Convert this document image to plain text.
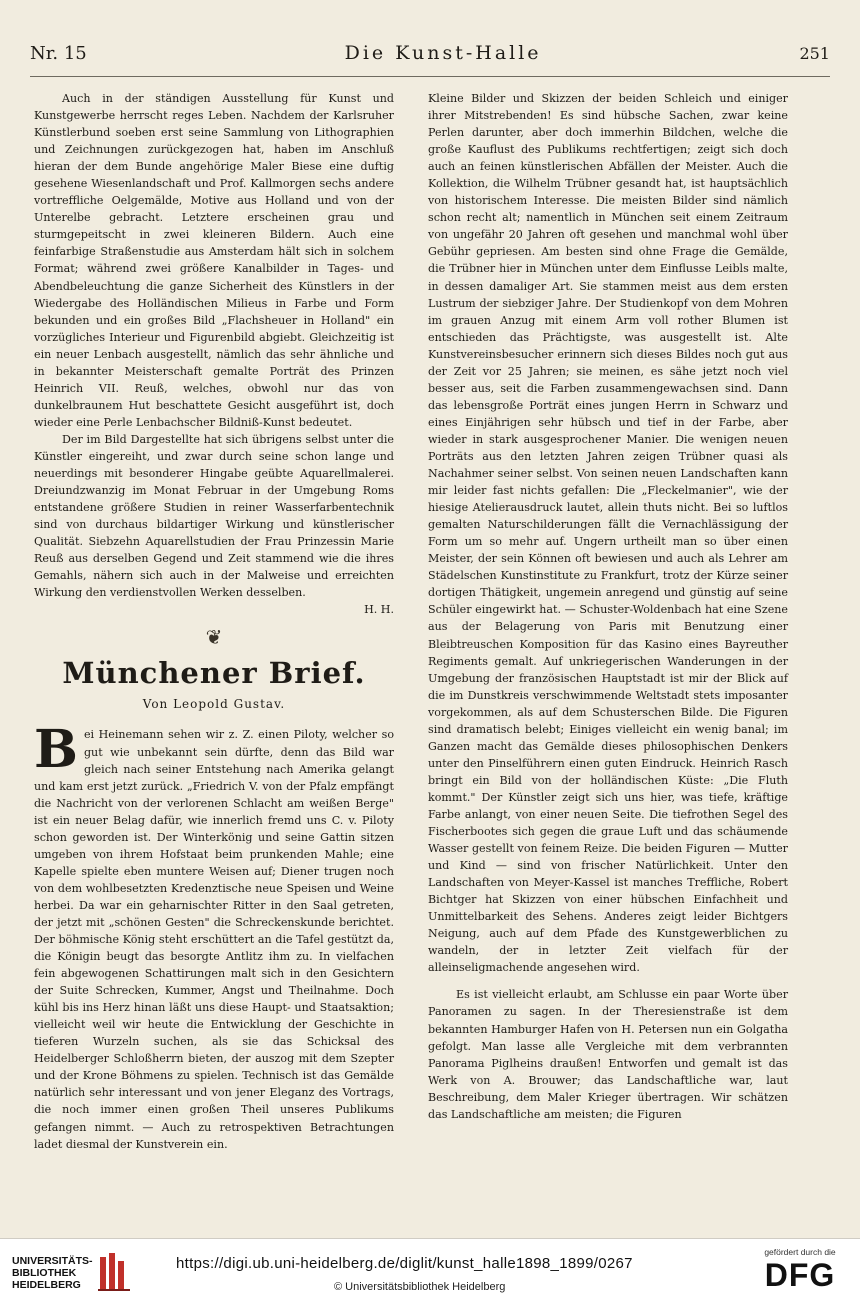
Nr. 15	Die Kunst-Halle	251

Auch in der ständigen Ausstellung für Kunst und Kunstgewerbe herrscht reges Leben. Nachdem der Karlsruher Künstlerbund soeben erst seine Sammlung von Lithographien und Zeichnungen zurückgezogen hat, haben im Anschluß hieran der dem Bunde angehörige Maler Biese eine duftig gesehene Wiesenlandschaft und Prof. Kallmorgen sechs andere vortreffliche Oelgemälde, Motive aus Holland und von der Unterelbe gebracht. Letztere erscheinen grau und sturmgepeitscht in zwei kleineren Bildern. Auch eine feinfarbige Straßenstudie aus Amsterdam hält sich in solchem Format; während zwei größere Kanalbilder in Tages- und Abendbeleuchtung die ganze Sicherheit des Künstlers in der Wiedergabe des Holländischen Milieus in Farbe und Form bekunden und ein großes Bild „Flachsheuer in Holland" ein vorzügliches Interieur und Figurenbild abgiebt. Gleichzeitig ist ein neuer Lenbach ausgestellt, nämlich das sehr ähnliche und in bekannter Meisterschaft gemalte Porträt des Prinzen Heinrich VII. Reuß, welches, obwohl nur das von dunkelbraunem Hut beschattete Gesicht ausgeführt ist, doch wieder eine Perle Lenbachscher Bildniß-Kunst bedeutet.

Der im Bild Dargestellte hat sich übrigens selbst unter die Künstler eingereiht, und zwar durch seine schon lange und neuerdings mit besonderer Hingabe geübte Aquarellmalerei. Dreiundzwanzig im Monat Februar in der Umgebung Roms entstandene größere Studien in reiner Wasserfarbentechnik sind von durchaus bildartiger Wirkung und künstlerischer Qualität. Siebzehn Aquarellstudien der Frau Prinzessin Marie Reuß aus derselben Gegend und Zeit stammend wie die ihres Gemahls, nähern sich auch in der Malweise und erreichten Wirkung den verdienstvollen Werken desselben.

H. H.
❦
Münchener Brief.
Von Leopold Gustav.

Bei Heinemann sehen wir z. Z. einen Piloty, welcher so gut wie unbekannt sein dürfte, denn das Bild war gleich nach seiner Entstehung nach Amerika gelangt und kam erst jetzt zurück. „Friedrich V. von der Pfalz empfängt die Nachricht von der verlorenen Schlacht am weißen Berge" ist ein neuer Belag dafür, wie innerlich fremd uns C. v. Piloty schon geworden ist. Der Winterkönig und seine Gattin sitzen umgeben von ihrem Hofstaat beim prunkenden Mahle; eine Kapelle spielte eben muntere Weisen auf; Diener trugen noch von dem wohlbesetzten Kredenztische neue Speisen und Weine herbei. Da war ein geharnischter Ritter in den Saal getreten, der jetzt mit „schönen Gesten" die Schreckenskunde berichtet. Der böhmische König steht erschüttert an die Tafel gestützt da, die Königin beugt das besorgte Antlitz ihm zu. In vielfachen fein abgewogenen Schattirungen malt sich in den Gesichtern der Suite Schrecken, Kummer, Angst und Theilnahme. Doch kühl bis ins Herz hinan läßt uns diese Haupt- und Staatsaktion; vielleicht weil wir heute die Entwicklung der Geschichte in tieferen Wurzeln suchen, als sie das Schicksal des Heidelberger Schloßherrn bieten, der auszog mit dem Szepter und der Krone Böhmens zu spielen. Technisch ist das Gemälde natürlich sehr interessant und von jener Eleganz des Vortrags, die noch immer einen großen Theil unseres Publikums gefangen nimmt. — Auch zu retrospektiven Betrachtungen ladet diesmal der Kunstverein ein.

Kleine Bilder und Skizzen der beiden Schleich und einiger ihrer Mitstrebenden! Es sind hübsche Sachen, zwar keine Perlen darunter, aber doch immerhin Bildchen, welche die große Kauflust des Publikums rechtfertigen; zeigt sich doch auch an feinen künstlerischen Abfällen der Meister. Auch die Kollektion, die Wilhelm Trübner gesandt hat, ist hauptsächlich von historischem Interesse. Die meisten Bilder sind nämlich schon recht alt; namentlich in München seit einem Zeitraum von ungefähr 20 Jahren oft gesehen und manchmal wohl über Gebühr gepriesen. Am besten sind ohne Frage die Gemälde, die Trübner hier in München unter dem Einflusse Leibls malte, in dessen damaliger Art. Sie stammen meist aus dem ersten Lustrum der siebziger Jahre. Der Studienkopf von dem Mohren im grauen Anzug mit einem Arm voll rother Blumen ist entschieden das Prächtigste, was ausgestellt ist. Alte Kunstvereinsbesucher erinnern sich dieses Bildes noch gut aus der Zeit vor 25 Jahren; sie meinen, es sähe jetzt noch viel besser aus, seit die Farben zusammengewachsen sind. Dann das lebensgroße Porträt eines jungen Herrn in Schwarz und eines Einjährigen sehr hübsch und tief in der Farbe, aber wieder in stark ausgesprochener Manier. Die wenigen neuen Porträts aus den letzten Jahren zeigen Trübner quasi als Nachahmer seiner selbst. Von seinen neuen Landschaften kann mir leider fast nichts gefallen: Die „Fleckelmanier", wie der hiesige Atelierausdruck lautet, allein thuts nicht. Bei so luftlos gemalten Naturschilderungen fällt die Vernachlässigung der Form um so mehr auf. Ungern urtheilt man so über einen Meister, der sein Können oft bewiesen und auch als Lehrer am Städelschen Kunstinstitute zu Frankfurt, trotz der Kürze seiner dortigen Thätigkeit, ungemein anregend und günstig auf seine Schüler eingewirkt hat. — Schuster-Woldenbach hat eine Szene aus der Belagerung von Paris mit Benutzung einer Bleibtreuschen Komposition für das Kasino eines Bayreuther Regiments gemalt. Auf unkriegerischen Wanderungen in der Umgebung der französischen Hauptstadt ist mir der Blick auf die im Dunstkreis verschwimmende Weltstadt stets imposanter vorgekommen, als auf dem Schusterschen Bilde. Die Figuren sind dramatisch belebt; Einiges vielleicht ein wenig banal; im Ganzen macht das Gemälde dieses philosophischen Denkers unter den Pinselführern einen guten Eindruck. Heinrich Rasch bringt ein Bild von der holländischen Küste: „Die Fluth kommt." Der Künstler zeigt sich uns hier, was tiefe, kräftige Farbe anlangt, von einer neuen Seite. Die tiefrothen Segel des Fischerbootes sich gegen die graue Luft und das schäumende Wasser gestellt von feinem Reize. Die beiden Figuren — Mutter und Kind — sind von frischer Natürlichkeit. Unter den Landschaften von Meyer-Kassel ist manches Treffliche, Robert Bichtger hat Skizzen von einer hübschen Einfachheit und Unmittelbarkeit des Sehens. Anderes zeigt leider Bichtgers Neigung, auch auf dem Pfade des Kunstgewerblichen zu wandeln, der in letzter Zeit vielfach für der alleinseligmachende angesehen wird.

Es ist vielleicht erlaubt, am Schlusse ein paar Worte über Panoramen zu sagen. In der Theresienstraße ist dem bekannten Hamburger Hafen von H. Petersen nun ein Golgatha gefolgt. Man lasse alle Vergleiche mit dem verbrannten Panorama Piglheins draußen! Entworfen und gemalt ist das Werk von A. Brouwer; das Landschaftliche war, laut Beschreibung, dem Maler Krieger übertragen. Wir schätzen das Landschaftliche am meisten; die Figuren

UNIVERSITÄTS-
BIBLIOTHEK
HEIDELBERG
https://digi.ub.uni-heidelberg.de/diglit/kunst_halle1898_1899/0267
© Universitätsbibliothek Heidelberg
gefördert durch die
DFG
